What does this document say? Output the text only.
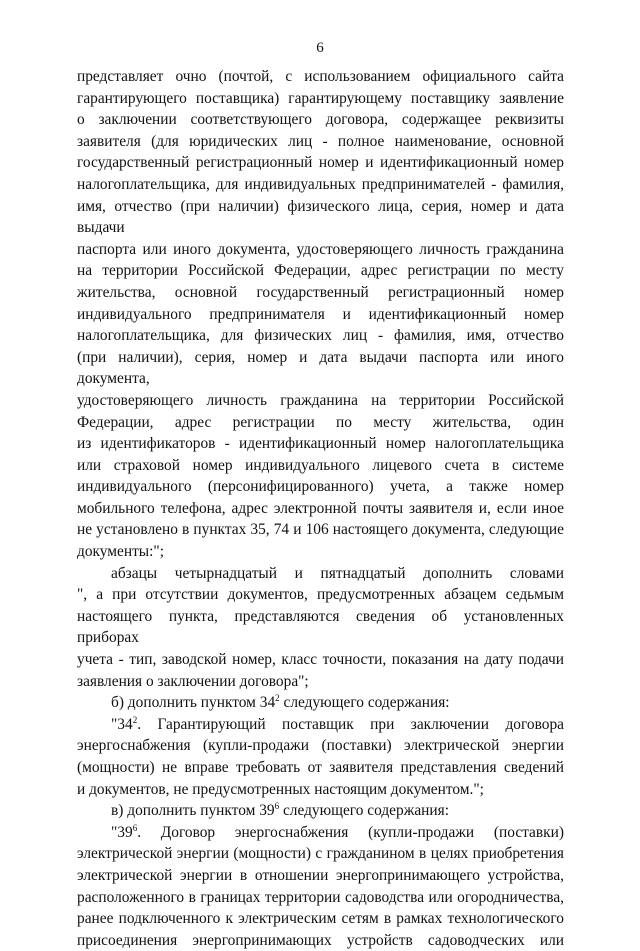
6

представляет очно (почтой, с использованием официального сайта
гарантирующего поставщика) гарантирующему поставщику заявление
о заключении соответствующего договора, содержащее реквизиты
заявителя (для юридических лиц - полное наименование, основной
государственный регистрационный номер и идентификационный номер
налогоплательщика, для индивидуальных предпринимателей - фамилия,
имя, отчество (при наличии) физического лица, серия, номер и дата выдачи
паспорта или иного документа, удостоверяющего личность гражданина
на территории Российской Федерации, адрес регистрации по месту
жительства, основной государственный регистрационный номер
индивидуального предпринимателя и идентификационный номер
налогоплательщика, для физических лиц - фамилия, имя, отчество
(при наличии), серия, номер и дата выдачи паспорта или иного документа,
удостоверяющего личность гражданина на территории Российской
Федерации, адрес регистрации по месту жительства, один
из идентификаторов - идентификационный номер налогоплательщика
или страховой номер индивидуального лицевого счета в системе
индивидуального (персонифицированного) учета, а также номер
мобильного телефона, адрес электронной почты заявителя и, если иное
не установлено в пунктах 35, 74 и 106 настоящего документа, следующие
документы:";

абзацы четырнадцатый и пятнадцатый дополнить словами
", а при отсутствии документов, предусмотренных абзацем седьмым
настоящего пункта, представляются сведения об установленных приборах
учета - тип, заводской номер, класс точности, показания на дату подачи
заявления о заключении договора";

б) дополнить пунктом $34^2$ следующего содержания:

"$34^2$. Гарантирующий поставщик при заключении договора
энергоснабжения (купли-продажи (поставки) электрической энергии
(мощности) не вправе требовать от заявителя представления сведений
и документов, не предусмотренных настоящим документом.";

в) дополнить пунктом $39^6$ следующего содержания:

"$39^6$. Договор энергоснабжения (купли-продажи (поставки)
электрической энергии (мощности) с гражданином в целях приобретения
электрической энергии в отношении энергопринимающего устройства,
расположенного в границах территории садоводства или огородничества,
ранее подключенного к электрическим сетям в рамках технологического
присоединения энергопринимающих устройств садоводческих или
